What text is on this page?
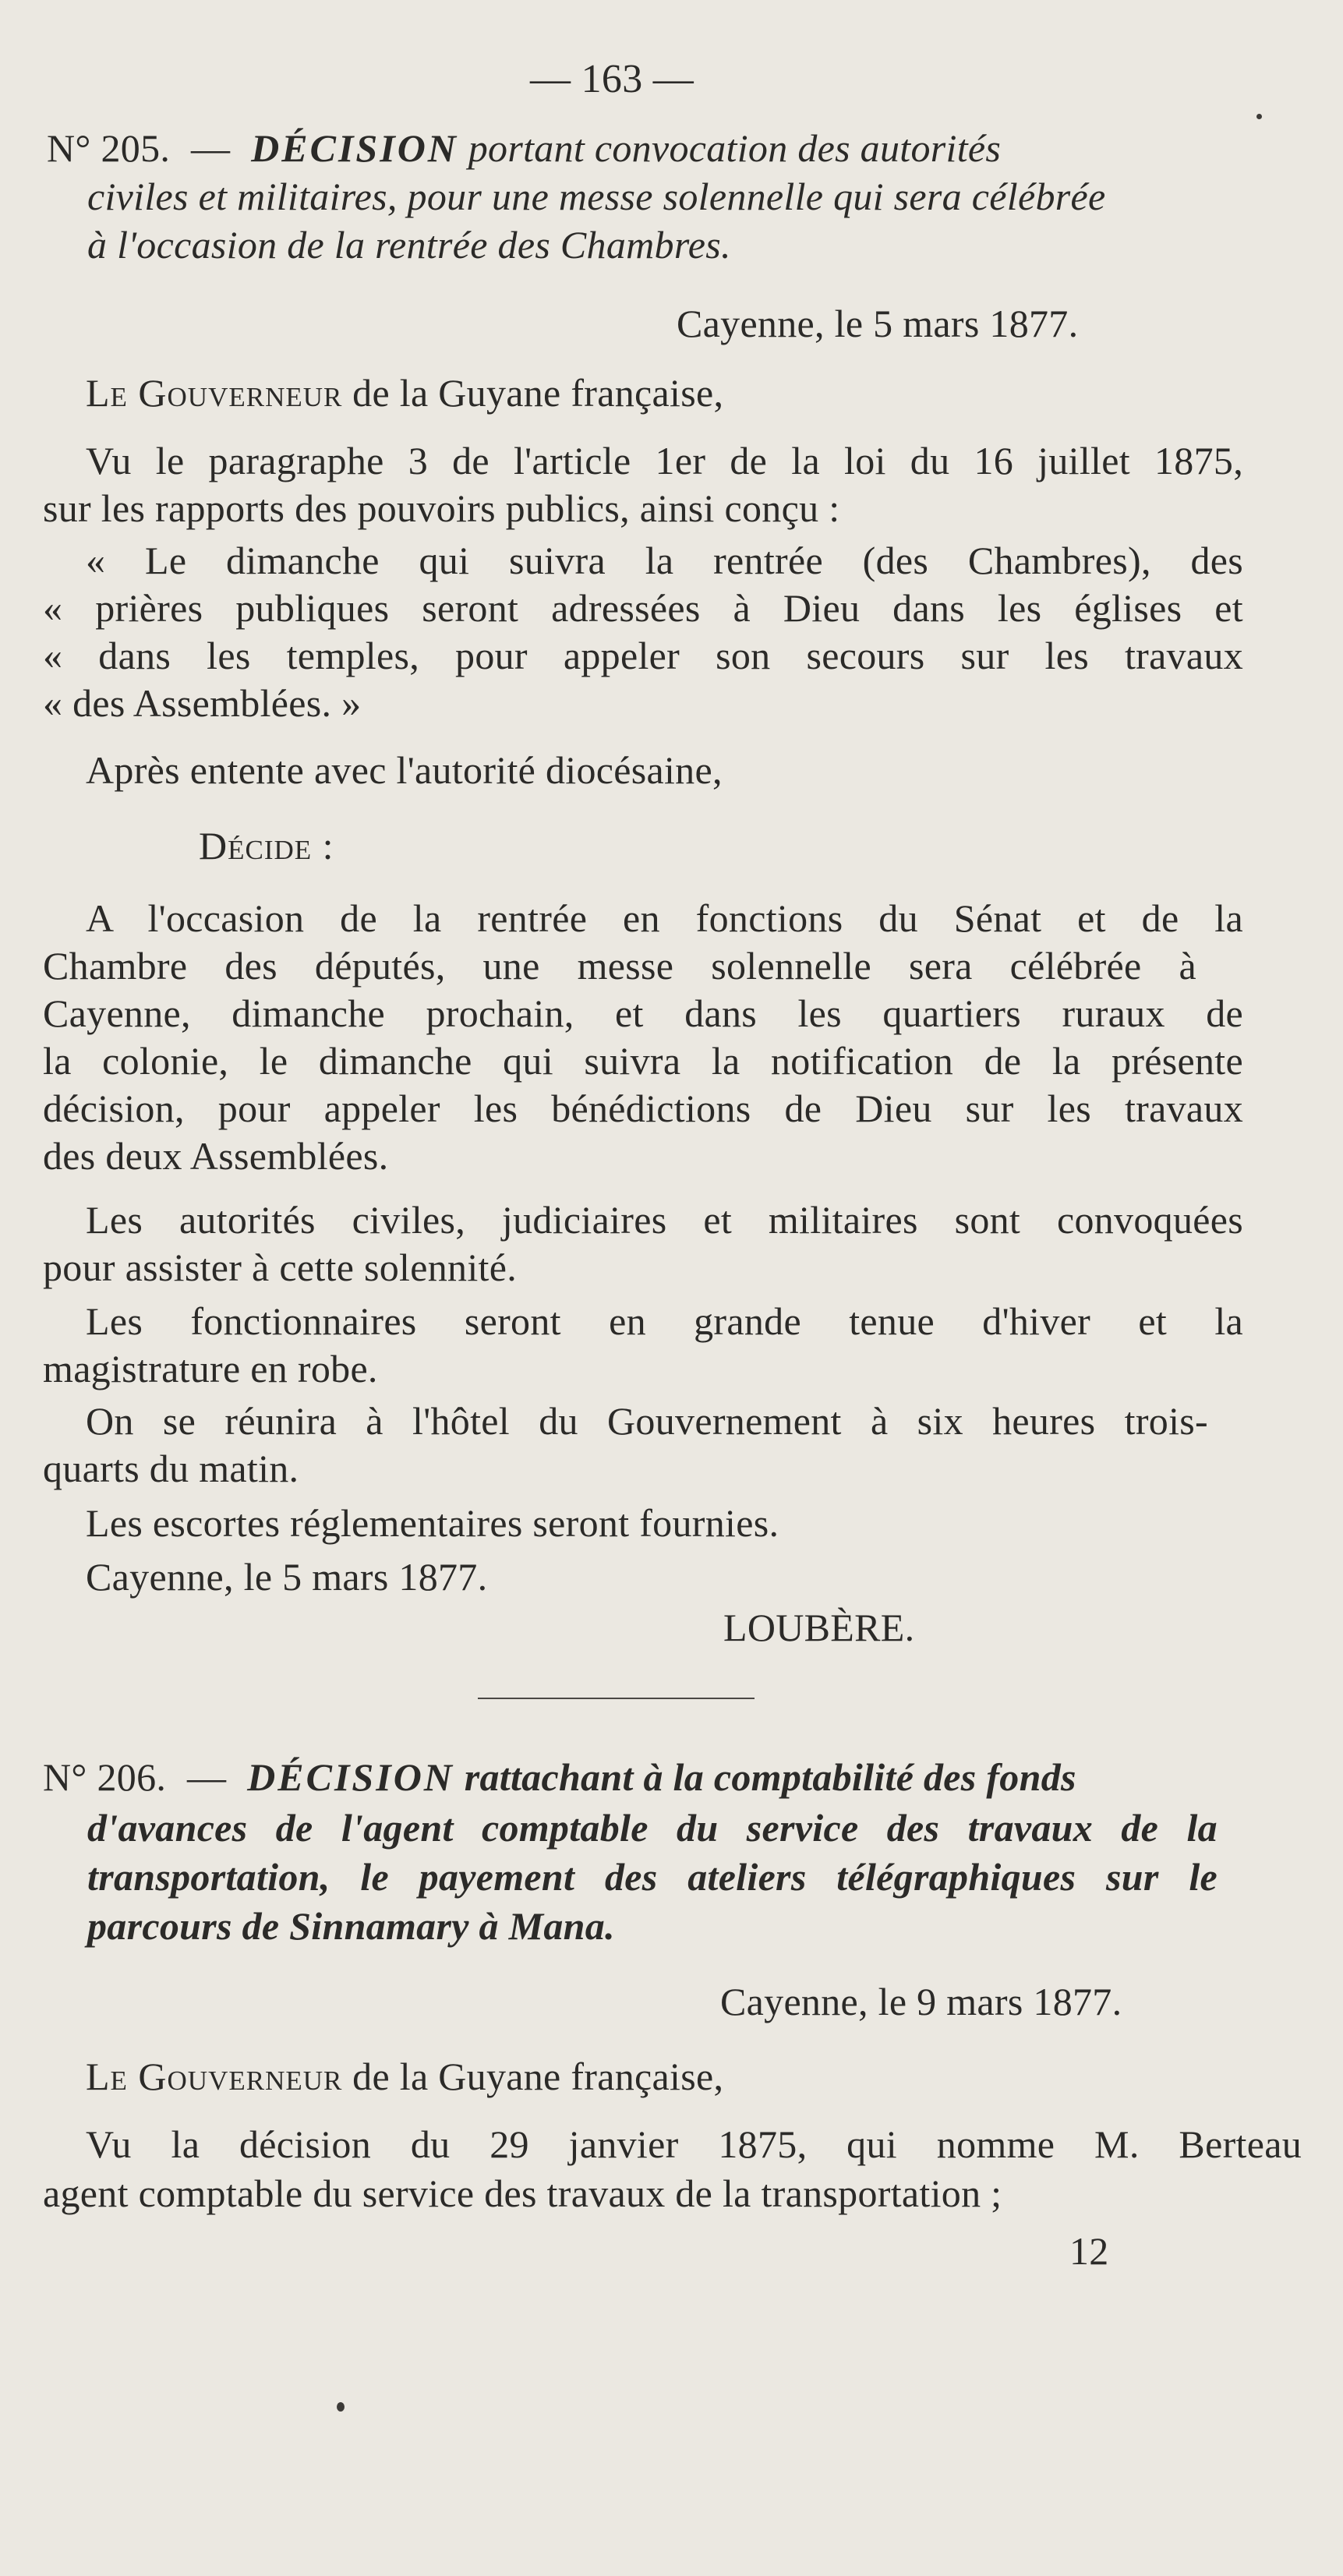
— 163 —
N° 205. — DÉCISION portant convocation des autorités
civiles et militaires, pour une messe solennelle qui sera célébrée
à l'occasion de la rentrée des Chambres.
Cayenne, le 5 mars 1877.
Le Gouverneur de la Guyane française,
Vu le paragraphe 3 de l'article 1er de la loi du 16 juillet 1875,
sur les rapports des pouvoirs publics, ainsi conçu :
« Le dimanche qui suivra la rentrée (des Chambres), des
« prières publiques seront adressées à Dieu dans les églises et
« dans les temples, pour appeler son secours sur les travaux
« des Assemblées. »
Après entente avec l'autorité diocésaine,
Décide :
A l'occasion de la rentrée en fonctions du Sénat et de la
Chambre des députés, une messe solennelle sera célébrée à
Cayenne, dimanche prochain, et dans les quartiers ruraux de
la colonie, le dimanche qui suivra la notification de la présente
décision, pour appeler les bénédictions de Dieu sur les travaux
des deux Assemblées.
Les autorités civiles, judiciaires et militaires sont convoquées
pour assister à cette solennité.
Les fonctionnaires seront en grande tenue d'hiver et la
magistrature en robe.
On se réunira à l'hôtel du Gouvernement à six heures trois-
quarts du matin.
Les escortes réglementaires seront fournies.
Cayenne, le 5 mars 1877.
LOUBÈRE.
N° 206. — DÉCISION rattachant à la comptabilité des fonds
d'avances de l'agent comptable du service des travaux de la
transportation, le payement des ateliers télégraphiques sur le
parcours de Sinnamary à Mana.
Cayenne, le 9 mars 1877.
Le Gouverneur de la Guyane française,
Vu la décision du 29 janvier 1875, qui nomme M. Berteau
agent comptable du service des travaux de la transportation ;
12
